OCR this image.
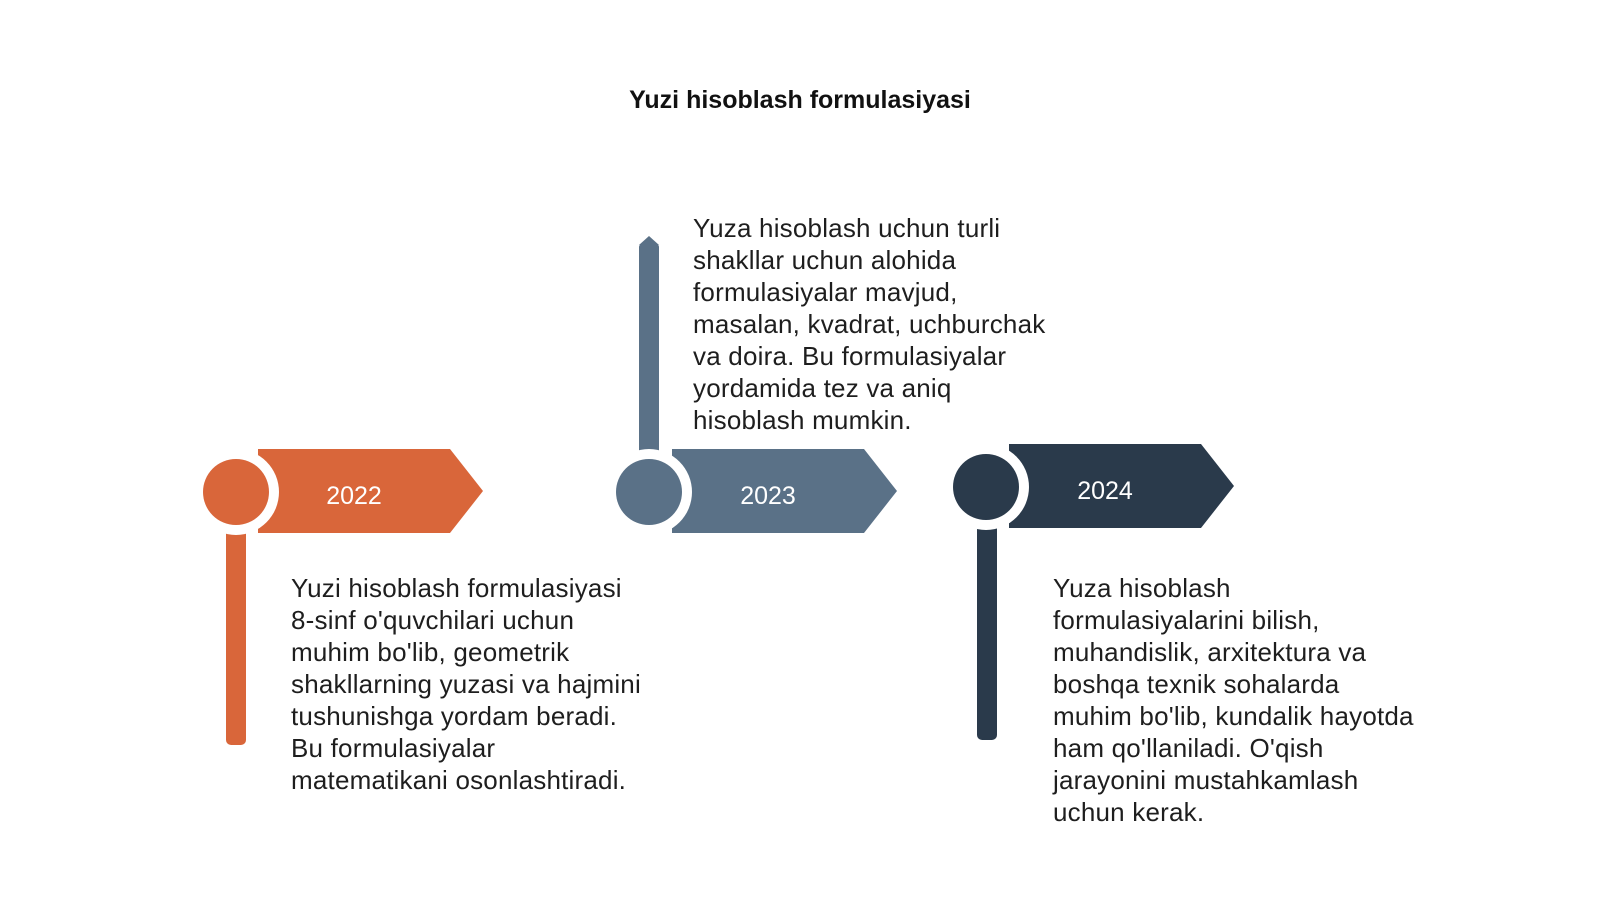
Yuzi hisoblash formulasiyasi
2022
Yuzi hisoblash formulasiyasi 8-sinf o'quvchilari uchun muhim bo'lib, geometrik shakllarning yuzasi va hajmini tushunishga yordam beradi. Bu formulasiyalar matematikani osonlashtiradi.
2023
Yuza hisoblash uchun turli shakllar uchun alohida formulasiyalar mavjud, masalan, kvadrat, uchburchak va doira. Bu formulasiyalar yordamida tez va aniq hisoblash mumkin.
2024
Yuza hisoblash formulasiyalarini bilish, muhandislik, arxitektura va boshqa texnik sohalarda muhim bo'lib, kundalik hayotda ham qo'llaniladi. O'qish jarayonini mustahkamlash uchun kerak.
